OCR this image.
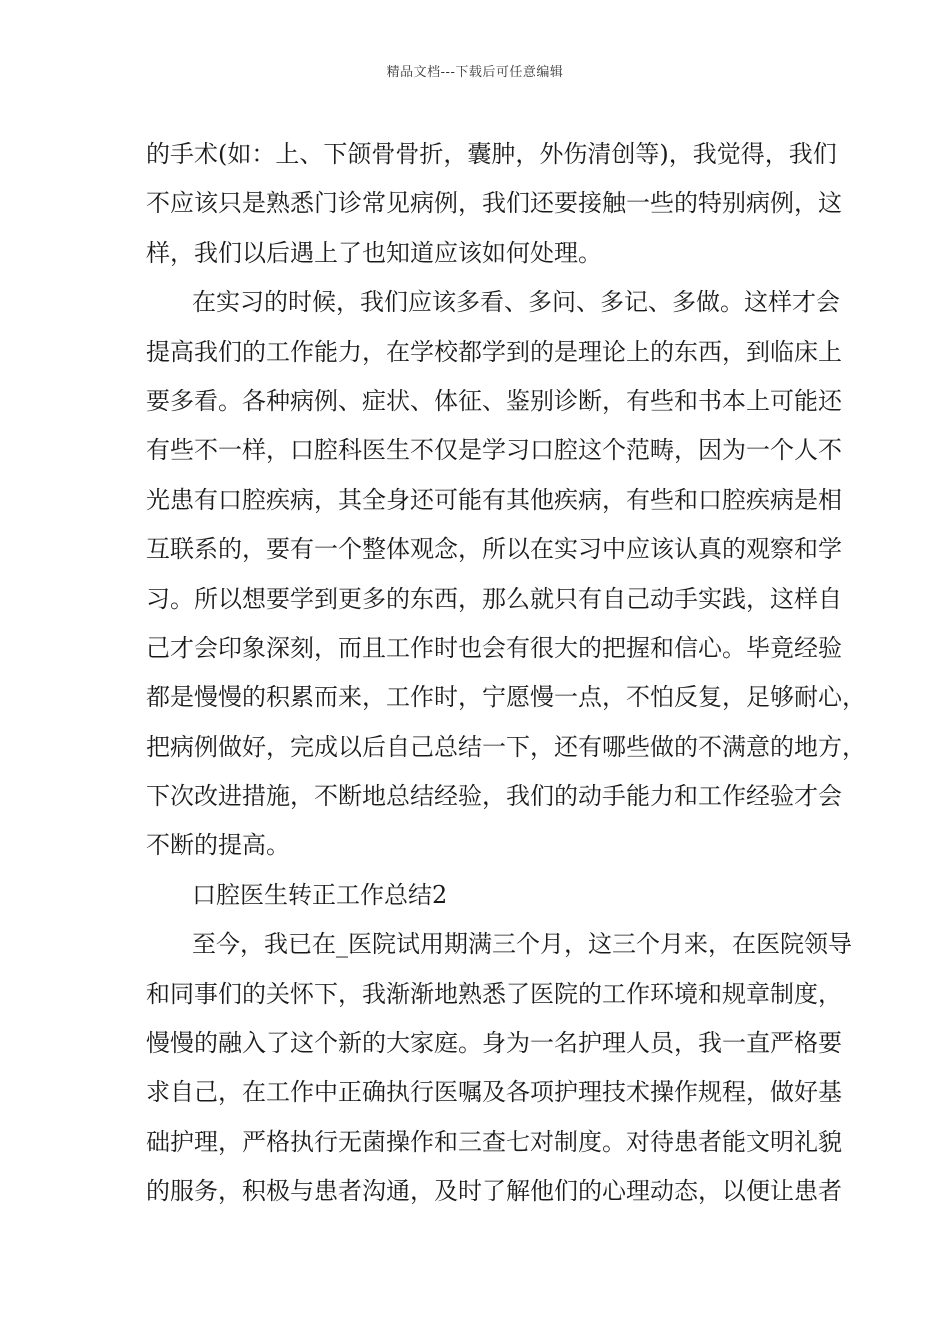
精品文档---下载后可任意编辑
的手术(如：上、下颌骨骨折，囊肿，外伤清创等)，我觉得，我们
不应该只是熟悉门诊常见病例，我们还要接触一些的特别病例，这
样，我们以后遇上了也知道应该如何处理。
在实习的时候，我们应该多看、多问、多记、多做。这样才会
提高我们的工作能力，在学校都学到的是理论上的东西，到临床上
要多看。各种病例、症状、体征、鉴别诊断，有些和书本上可能还
有些不一样，口腔科医生不仅是学习口腔这个范畴，因为一个人不
光患有口腔疾病，其全身还可能有其他疾病，有些和口腔疾病是相
互联系的，要有一个整体观念，所以在实习中应该认真的观察和学
习。所以想要学到更多的东西，那么就只有自己动手实践，这样自
己才会印象深刻，而且工作时也会有很大的把握和信心。毕竟经验
都是慢慢的积累而来，工作时，宁愿慢一点，不怕反复，足够耐心，
把病例做好，完成以后自己总结一下，还有哪些做的不满意的地方，
下次改进措施，不断地总结经验，我们的动手能力和工作经验才会
不断的提高。
口腔医生转正工作总结2
至今，我已在_医院试用期满三个月，这三个月来，在医院领导
和同事们的关怀下，我渐渐地熟悉了医院的工作环境和规章制度，
慢慢的融入了这个新的大家庭。身为一名护理人员，我一直严格要
求自己，在工作中正确执行医嘱及各项护理技术操作规程，做好基
础护理，严格执行无菌操作和三查七对制度。对待患者能文明礼貌
的服务，积极与患者沟通，及时了解他们的心理动态，以便让患者
